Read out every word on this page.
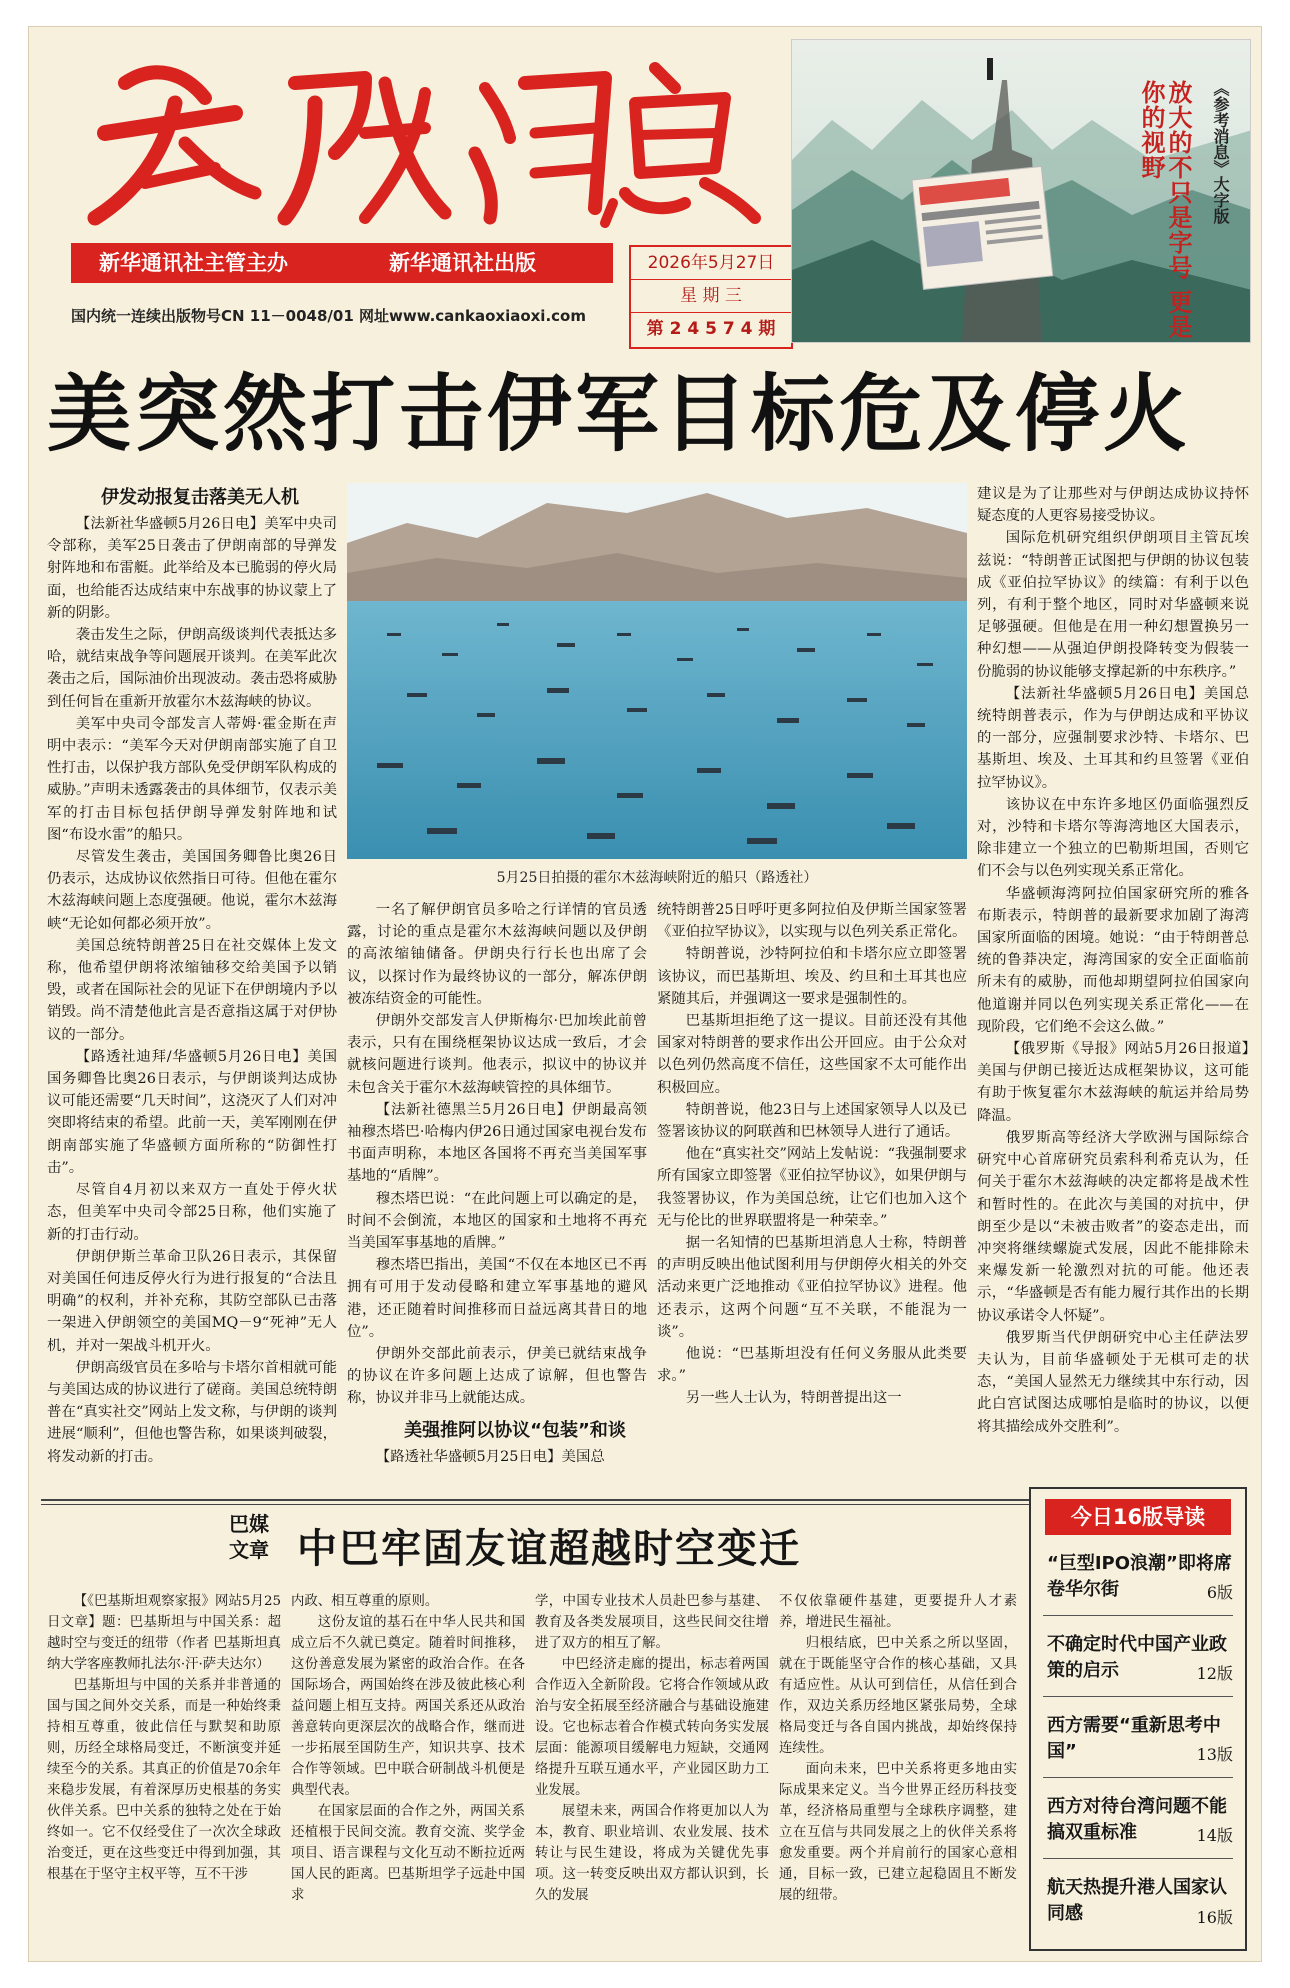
新华通讯社主管主办	新华通讯社出版	2026年5月27日
星 期 三
第 2 4 5 7 4 期
国内统一连续出版物号CN 11－0048/01 网址www.cankaoxiaoxi.com	放大的不只是字号 更是你的视野	《参考消息》大字版
美突然打击伊军目标危及停火

伊发动报复击落美无人机

【法新社华盛顿5月26日电】美军中央司令部称，美军25日袭击了伊朗南部的导弹发射阵地和布雷艇。此举给及本已脆弱的停火局面，也给能否达成结束中东战事的协议蒙上了新的阴影。

袭击发生之际，伊朗高级谈判代表抵达多哈，就结束战争等问题展开谈判。在美军此次袭击之后，国际油价出现波动。袭击恐将威胁到任何旨在重新开放霍尔木兹海峡的协议。

美军中央司令部发言人蒂姆·霍金斯在声明中表示：“美军今天对伊朗南部实施了自卫性打击，以保护我方部队免受伊朗军队构成的威胁。”声明未透露袭击的具体细节，仅表示美军的打击目标包括伊朗导弹发射阵地和试图“布设水雷”的船只。

尽管发生袭击，美国国务卿鲁比奥26日仍表示，达成协议依然指日可待。但他在霍尔木兹海峡问题上态度强硬。他说，霍尔木兹海峡“无论如何都必须开放”。

美国总统特朗普25日在社交媒体上发文称，他希望伊朗将浓缩铀移交给美国予以销毁，或者在国际社会的见证下在伊朗境内予以销毁。尚不清楚他此言是否意指这属于对伊协议的一部分。

【路透社迪拜/华盛顿5月26日电】美国国务卿鲁比奥26日表示，与伊朗谈判达成协议可能还需要“几天时间”，这浇灭了人们对冲突即将结束的希望。此前一天，美军刚刚在伊朗南部实施了华盛顿方面所称的“防御性打击”。

尽管自4月初以来双方一直处于停火状态，但美军中央司令部25日称，他们实施了新的打击行动。

伊朗伊斯兰革命卫队26日表示，其保留对美国任何违反停火行为进行报复的“合法且明确”的权利，并补充称，其防空部队已击落一架进入伊朗领空的美国MQ－9“死神”无人机，并对一架战斗机开火。

伊朗高级官员在多哈与卡塔尔首相就可能与美国达成的协议进行了磋商。美国总统特朗普在“真实社交”网站上发文称，与伊朗的谈判进展“顺利”，但他也警告称，如果谈判破裂，将发动新的打击。

5月25日拍摄的霍尔木兹海峡附近的船只（路透社）

一名了解伊朗官员多哈之行详情的官员透露，讨论的重点是霍尔木兹海峡问题以及伊朗的高浓缩铀储备。伊朗央行行长也出席了会议，以探讨作为最终协议的一部分，解冻伊朗被冻结资金的可能性。

伊朗外交部发言人伊斯梅尔·巴加埃此前曾表示，只有在围绕框架协议达成一致后，才会就核问题进行谈判。他表示，拟议中的协议并未包含关于霍尔木兹海峡管控的具体细节。

【法新社德黑兰5月26日电】伊朗最高领袖穆杰塔巴·哈梅内伊26日通过国家电视台发布书面声明称，本地区各国将不再充当美国军事基地的“盾牌”。

穆杰塔巴说：“在此问题上可以确定的是，时间不会倒流，本地区的国家和土地将不再充当美国军事基地的盾牌。”

穆杰塔巴指出，美国“不仅在本地区已不再拥有可用于发动侵略和建立军事基地的避风港，还正随着时间推移而日益远离其昔日的地位”。

伊朗外交部此前表示，伊美已就结束战争的协议在许多问题上达成了谅解，但也警告称，协议并非马上就能达成。

美强推阿以协议“包装”和谈

【路透社华盛顿5月25日电】美国总

统特朗普25日呼吁更多阿拉伯及伊斯兰国家签署《亚伯拉罕协议》，以实现与以色列关系正常化。

特朗普说，沙特阿拉伯和卡塔尔应立即签署该协议，而巴基斯坦、埃及、约旦和土耳其也应紧随其后，并强调这一要求是强制性的。

巴基斯坦拒绝了这一提议。目前还没有其他国家对特朗普的要求作出公开回应。由于公众对以色列仍然高度不信任，这些国家不太可能作出积极回应。

特朗普说，他23日与上述国家领导人以及已签署该协议的阿联酋和巴林领导人进行了通话。

他在“真实社交”网站上发帖说：“我强制要求所有国家立即签署《亚伯拉罕协议》，如果伊朗与我签署协议，作为美国总统，让它们也加入这个无与伦比的世界联盟将是一种荣幸。”

据一名知情的巴基斯坦消息人士称，特朗普的声明反映出他试图利用与伊朗停火相关的外交活动来更广泛地推动《亚伯拉罕协议》进程。他还表示，这两个问题“互不关联，不能混为一谈”。

他说：“巴基斯坦没有任何义务服从此类要求。”

另一些人士认为，特朗普提出这一

建议是为了让那些对与伊朗达成协议持怀疑态度的人更容易接受协议。

国际危机研究组织伊朗项目主管瓦埃兹说：“特朗普正试图把与伊朗的协议包装成《亚伯拉罕协议》的续篇：有利于以色列，有利于整个地区，同时对华盛顿来说足够强硬。但他是在用一种幻想置换另一种幻想——从强迫伊朗投降转变为假装一份脆弱的协议能够支撑起新的中东秩序。”

【法新社华盛顿5月26日电】美国总统特朗普表示，作为与伊朗达成和平协议的一部分，应强制要求沙特、卡塔尔、巴基斯坦、埃及、土耳其和约旦签署《亚伯拉罕协议》。

该协议在中东许多地区仍面临强烈反对，沙特和卡塔尔等海湾地区大国表示，除非建立一个独立的巴勒斯坦国，否则它们不会与以色列实现关系正常化。

华盛顿海湾阿拉伯国家研究所的雅各布斯表示，特朗普的最新要求加剧了海湾国家所面临的困境。她说：“由于特朗普总统的鲁莽决定，海湾国家的安全正面临前所未有的威胁，而他却期望阿拉伯国家向他道谢并同以色列实现关系正常化——在现阶段，它们绝不会这么做。”

【俄罗斯《导报》网站5月26日报道】美国与伊朗已接近达成框架协议，这可能有助于恢复霍尔木兹海峡的航运并给局势降温。

俄罗斯高等经济大学欧洲与国际综合研究中心首席研究员索科利希克认为，任何关于霍尔木兹海峡的决定都将是战术性和暂时性的。在此次与美国的对抗中，伊朗至少是以“未被击败者”的姿态走出，而冲突将继续螺旋式发展，因此不能排除未来爆发新一轮激烈对抗的可能。他还表示，“华盛顿是否有能力履行其作出的长期协议承诺令人怀疑”。

俄罗斯当代伊朗研究中心主任萨法罗夫认为，目前华盛顿处于无棋可走的状态，“美国人显然无力继续其中东行动，因此白宫试图达成哪怕是临时的协议，以便将其描绘成外交胜利”。

巴媒文章 中巴牢固友谊超越时空变迁

【《巴基斯坦观察家报》网站5月25日文章】题：巴基斯坦与中国关系：超越时空与变迁的纽带（作者 巴基斯坦真纳大学客座教师扎法尔·汗·萨夫达尔）

巴基斯坦与中国的关系并非普通的国与国之间外交关系，而是一种始终秉持相互尊重，彼此信任与默契和助原则，历经全球格局变迁，不断演变并延续至今的关系。其真正的价值是70余年来稳步发展，有着深厚历史根基的务实伙伴关系。巴中关系的独特之处在于始终如一。它不仅经受住了一次次全球政治变迁，更在这些变迁中得到加强，其根基在于坚守主权平等，互不干涉

内政、相互尊重的原则。

这份友谊的基石在中华人民共和国成立后不久就已奠定。随着时间推移，这份善意发展为紧密的政治合作。在各国际场合，两国始终在涉及彼此核心利益问题上相互支持。两国关系还从政治善意转向更深层次的战略合作，继而进一步拓展至国防生产，知识共享、技术合作等领域。巴中联合研制战斗机便是典型代表。

在国家层面的合作之外，两国关系还植根于民间交流。教育交流、奖学金项目、语言课程与文化互动不断拉近两国人民的距离。巴基斯坦学子远赴中国求

学，中国专业技术人员赴巴参与基建、教育及各类发展项目，这些民间交往增进了双方的相互了解。

中巴经济走廊的提出，标志着两国合作迈入全新阶段。它将合作领域从政治与安全拓展至经济融合与基础设施建设。它也标志着合作模式转向务实发展层面：能源项目缓解电力短缺，交通网络提升互联互通水平，产业园区助力工业发展。

展望未来，两国合作将更加以人为本，教育、职业培训、农业发展、技术转让与民生建设，将成为关键优先事项。这一转变反映出双方都认识到，长久的发展

不仅依靠硬件基建，更要提升人才素养，增进民生福祉。

归根结底，巴中关系之所以坚固，就在于既能坚守合作的核心基础，又具有适应性。从认可到信任，从信任到合作，双边关系历经地区紧张局势，全球格局变迁与各自国内挑战，却始终保持连续性。

面向未来，巴中关系将更多地由实际成果来定义。当今世界正经历科技变革，经济格局重塑与全球秩序调整，建立在互信与共同发展之上的伙伴关系将愈发重要。两个并肩前行的国家心意相通，目标一致，已建立起稳固且不断发展的纽带。

今日16版导读
“巨型IPO浪潮”即将席卷华尔街	6版
不确定时代中国产业政策的启示	12版
西方需要“重新思考中国”	13版
西方对待台湾问题不能搞双重标准	14版
航天热提升港人国家认同感	16版
